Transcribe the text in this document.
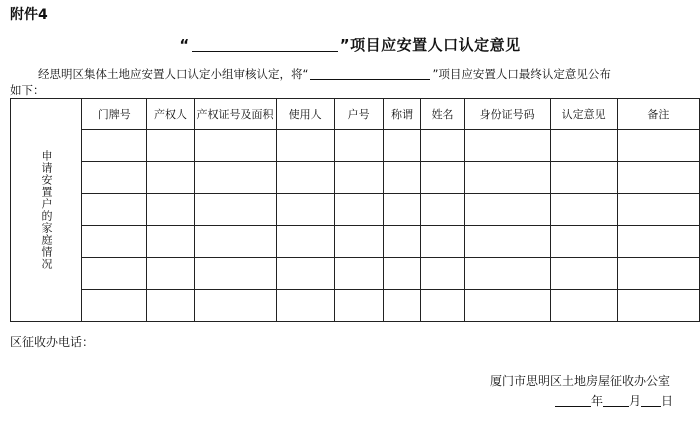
附件4
“	”项目应安置人口认定意见
经思明区集体土地应安置人口认定小组审核认定，将“	”项目应安置人口最终认定意见公布
如下：
申请安置户的家庭情况	门牌号	产权人	产权证号及面积	使用人	户号	称谓	姓名	身份证号码	认定意见	备注

区征收办电话：
厦门市思明区土地房屋征收办公室
年 月 日
